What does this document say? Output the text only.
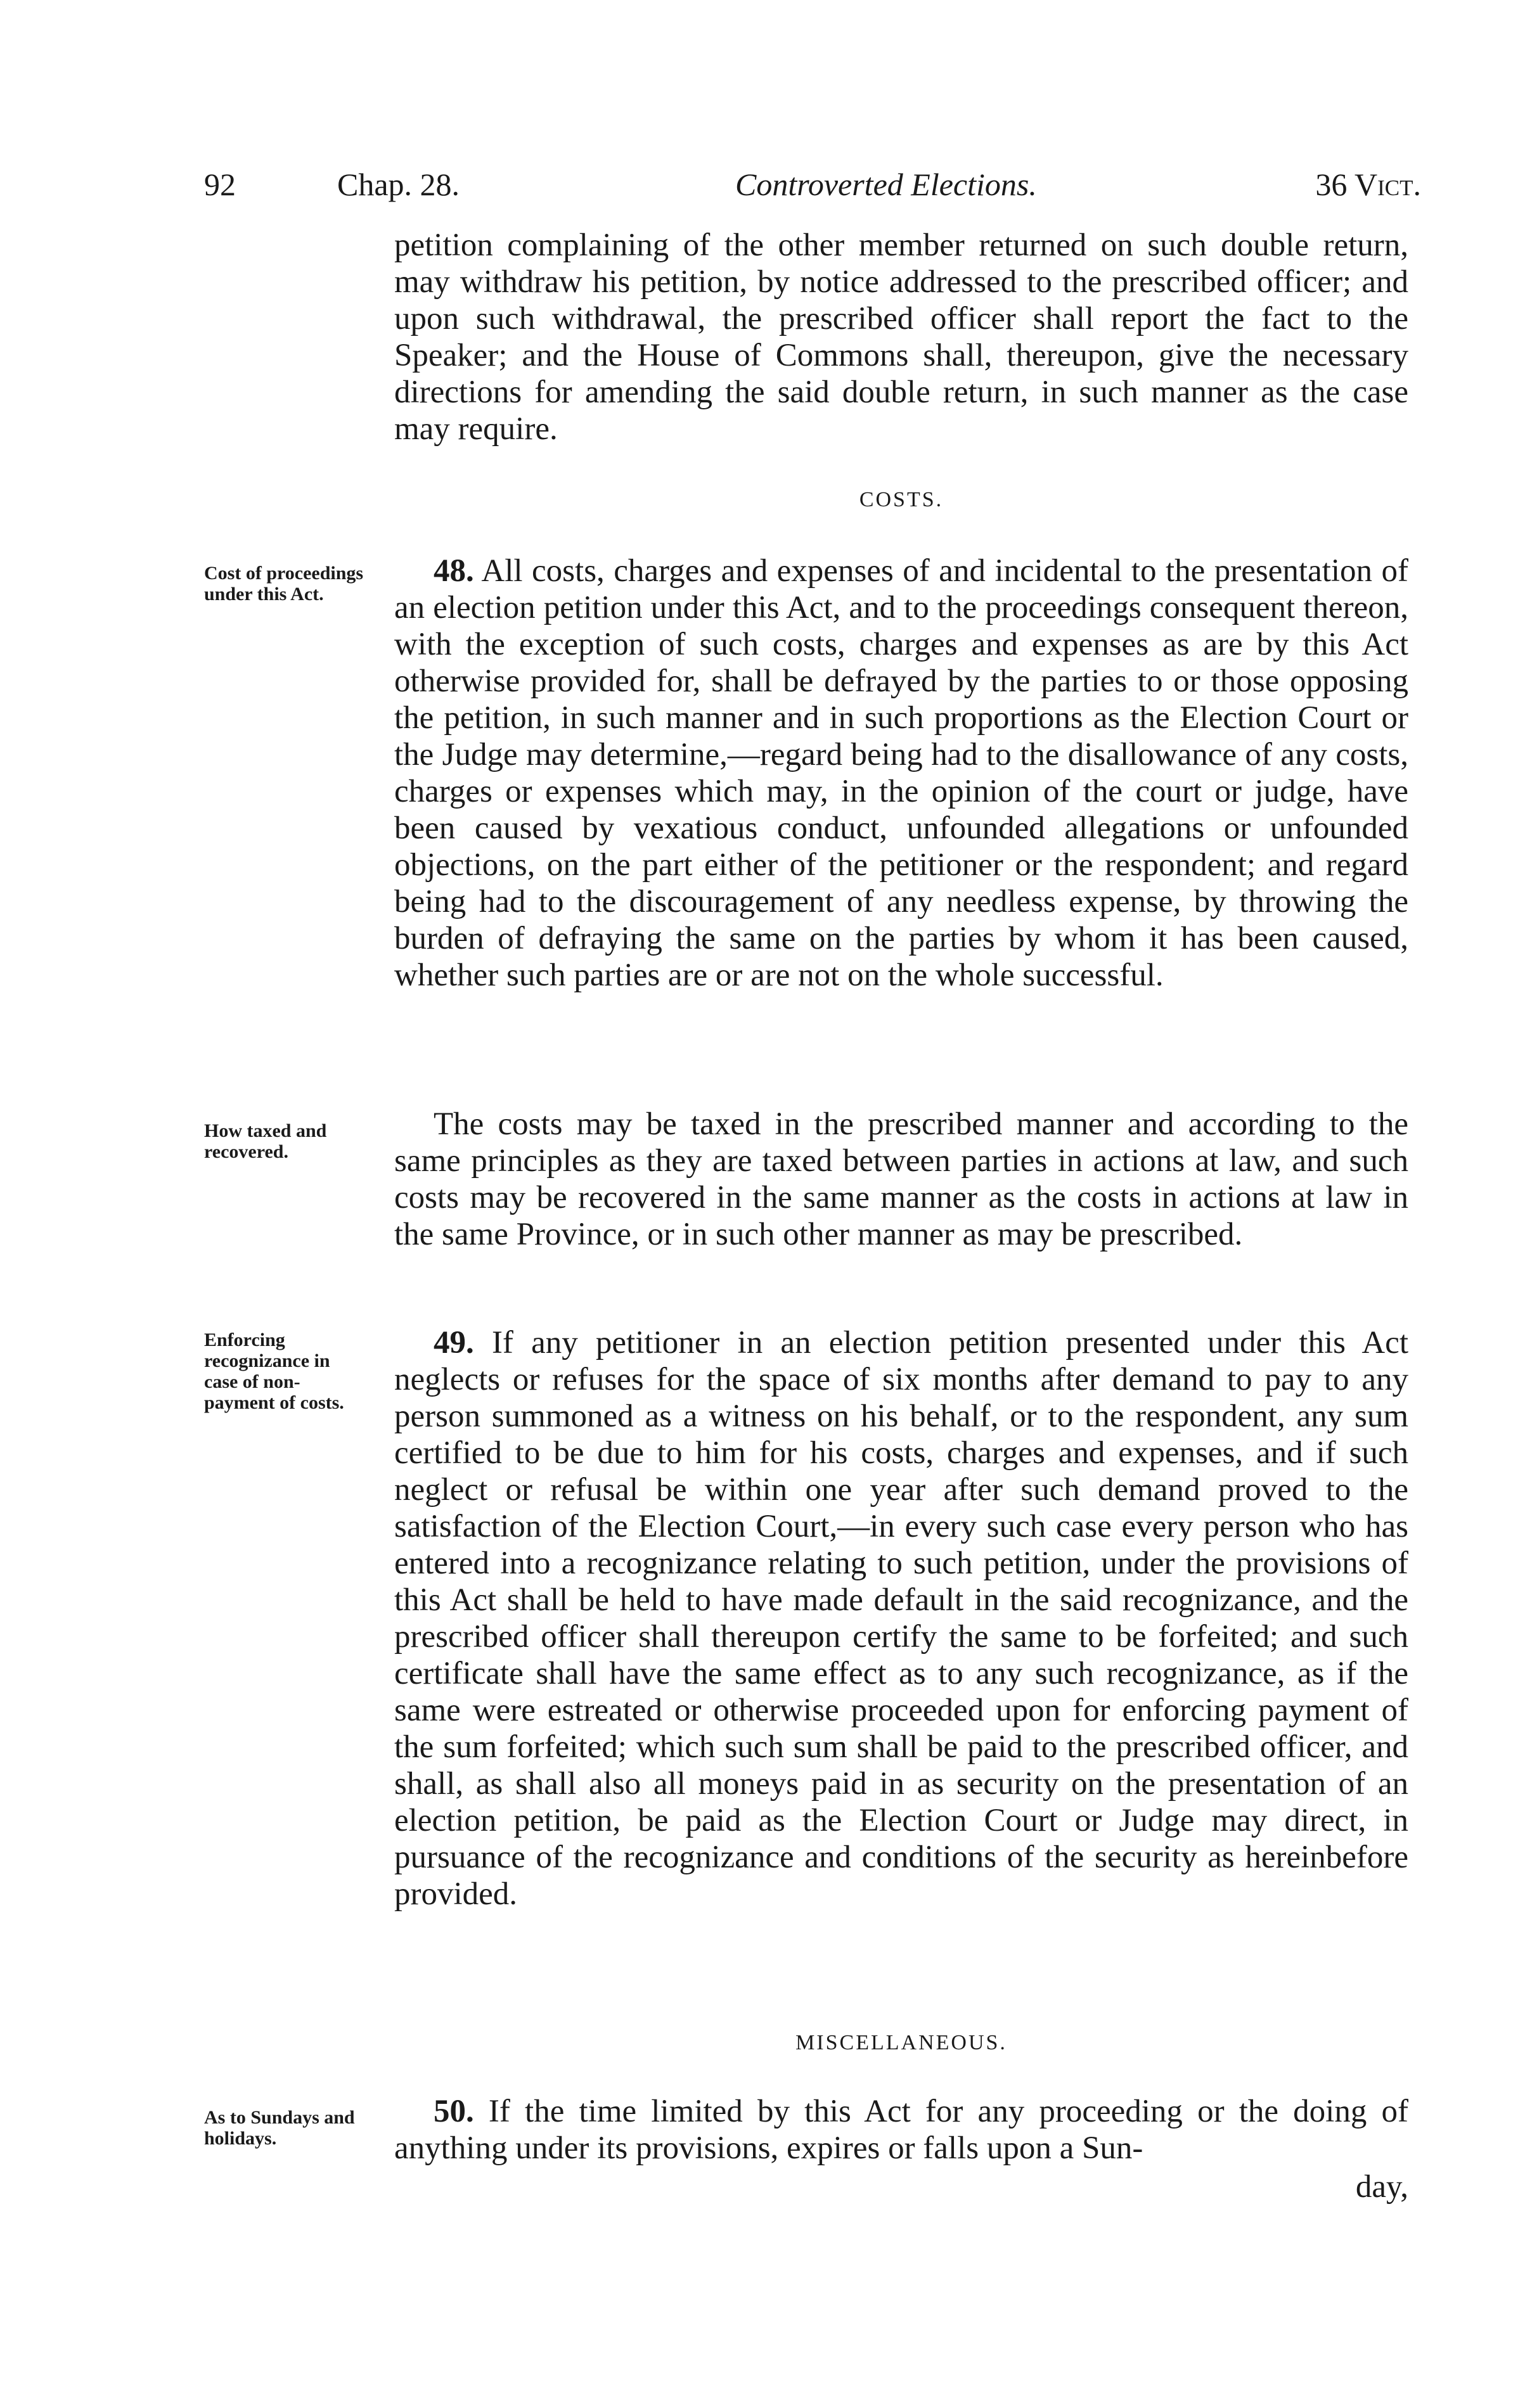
92	Chap. 28.	Controverted Elections.	36 Vict.

petition complaining of the other member returned on such double return, may withdraw his petition, by notice addressed to the prescribed officer; and upon such withdrawal, the prescribed officer shall report the fact to the Speaker; and the House of Commons shall, thereupon, give the necessary directions for amending the said double return, in such manner as the case may require.

COSTS.

Cost of proceedings under this Act.

48. All costs, charges and expenses of and incidental to the presentation of an election petition under this Act, and to the proceedings consequent thereon, with the exception of such costs, charges and expenses as are by this Act otherwise provided for, shall be defrayed by the parties to or those opposing the petition, in such manner and in such proportions as the Election Court or the Judge may determine,—regard being had to the disallowance of any costs, charges or expenses which may, in the opinion of the court or judge, have been caused by vexatious conduct, unfounded allegations or unfounded objections, on the part either of the petitioner or the respondent; and regard being had to the discouragement of any needless expense, by throwing the burden of defraying the same on the parties by whom it has been caused, whether such parties are or are not on the whole successful.

How taxed and recovered.

The costs may be taxed in the prescribed manner and according to the same principles as they are taxed between parties in actions at law, and such costs may be recovered in the same manner as the costs in actions at law in the same Province, or in such other manner as may be prescribed.

Enforcing recognizance in case of non-payment of costs.

49. If any petitioner in an election petition presented under this Act neglects or refuses for the space of six months after demand to pay to any person summoned as a witness on his behalf, or to the respondent, any sum certified to be due to him for his costs, charges and expenses, and if such neglect or refusal be within one year after such demand proved to the satisfaction of the Election Court,—in every such case every person who has entered into a recognizance relating to such petition, under the provisions of this Act shall be held to have made default in the said recognizance, and the prescribed officer shall thereupon certify the same to be forfeited; and such certificate shall have the same effect as to any such recognizance, as if the same were estreated or otherwise proceeded upon for enforcing payment of the sum forfeited; which such sum shall be paid to the prescribed officer, and shall, as shall also all moneys paid in as security on the presentation of an election petition, be paid as the Election Court or Judge may direct, in pursuance of the recognizance and conditions of the security as hereinbefore provided.

MISCELLANEOUS.

As to Sundays and holidays.

50. If the time limited by this Act for any proceeding or the doing of anything under its provisions, expires or falls upon a Sun-

day,
